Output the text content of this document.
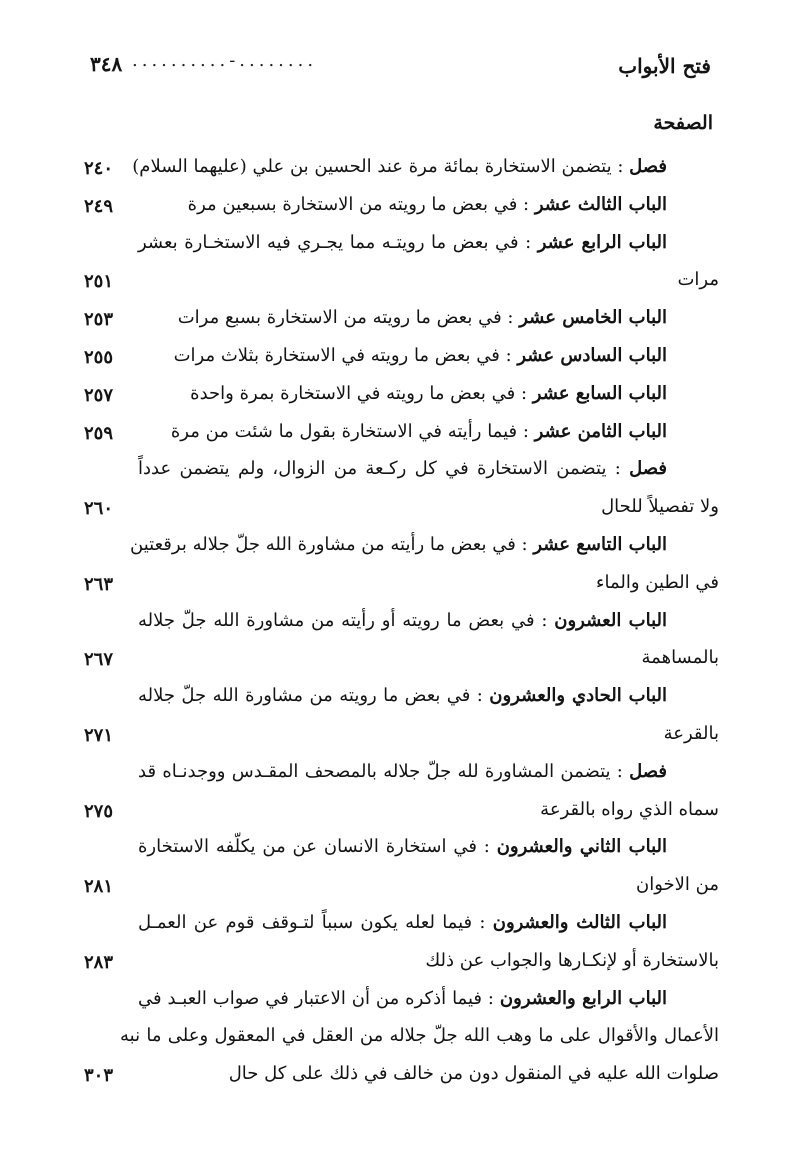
٣٤٨ ..........-........	فتح الأبواب
الصفحة
فصل : يتضمن الاستخارة بمائة مرة عند الحسين بن علي (عليهما السلام)
٢٤٠
الباب الثالث عشر : في بعض ما رويته من الاستخارة بسبعين مرة
٢٤٩
الباب الرابع عشر : في بعض ما رويتـه مما يجـري فيه الاستخـارة بعشر
مرات
٢٥١
الباب الخامس عشر : في بعض ما رويته من الاستخارة بسبع مرات
٢٥٣
الباب السادس عشر : في بعض ما رويته في الاستخارة بثلاث مرات
٢٥٥
الباب السابع عشر : في بعض ما رويته في الاستخارة بمرة واحدة
٢٥٧
الباب الثامن عشر : فيما رأيته في الاستخارة بقول ما شئت من مرة
٢٥٩
فصل : يتضمن الاستخارة في كل ركـعة من الزوال، ولم يتضمن عدداً
ولا تفصيلاً للحال
٢٦٠
الباب التاسع عشر : في بعض ما رأيته من مشاورة الله جلّ جلاله برقعتين
في الطين والماء
٢٦٣
الباب العشرون : في بعض ما رويته أو رأيته من مشاورة الله جلّ جلاله
بالمساهمة
٢٦٧
الباب الحادي والعشرون : في بعض ما رويته من مشاورة الله جلّ جلاله
بالقرعة
٢٧١
فصل : يتضمن المشاورة لله جلّ جلاله بالمصحف المقـدس ووجدنـاه قد
سماه الذي رواه بالقرعة
٢٧٥
الباب الثاني والعشرون : في استخارة الانسان عن من يكلّفه الاستخارة
من الاخوان
٢٨١
الباب الثالث والعشرون : فيما لعله يكون سبباً لتـوقف قوم عن العمـل
بالاستخارة أو لإنكـارها والجواب عن ذلك
٢٨٣
الباب الرابع والعشرون : فيما أذكره من أن الاعتبار في صواب العبـد في
الأعمال والأقوال على ما وهب الله جلّ جلاله من العقل في المعقول وعلى ما نبه
صلوات الله عليه في المنقول دون من خالف في ذلك على كل حال
٣٠٣
